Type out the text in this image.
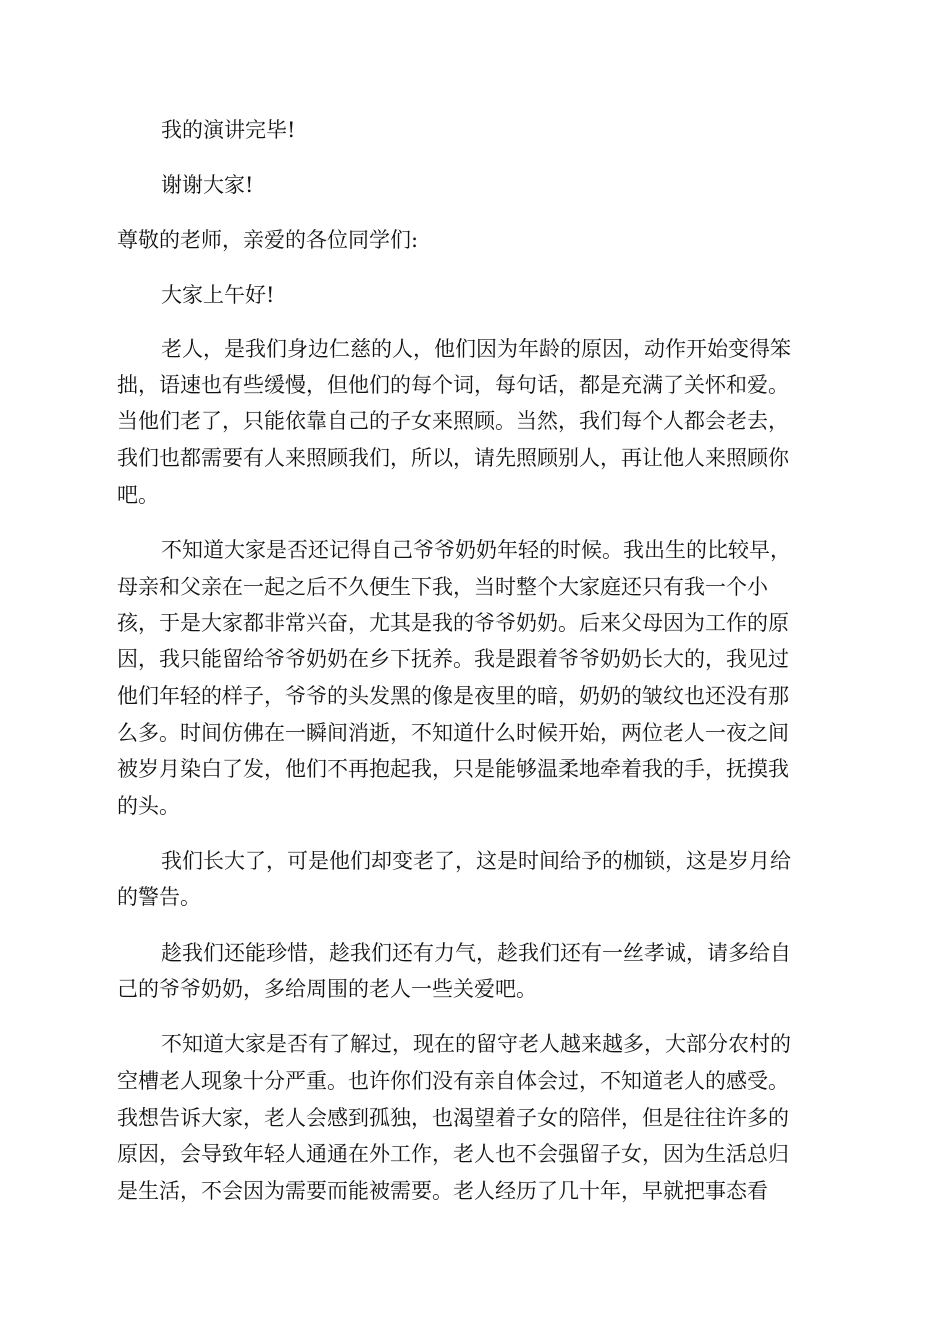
我的演讲完毕!
谢谢大家!
尊敬的老师，亲爱的各位同学们:
大家上午好!
老人，是我们身边仁慈的人，他们因为年龄的原因，动作开始变得笨
拙，语速也有些缓慢，但他们的每个词，每句话，都是充满了关怀和爱。
当他们老了，只能依靠自己的子女来照顾。当然，我们每个人都会老去，
我们也都需要有人来照顾我们，所以，请先照顾别人，再让他人来照顾你
吧。
不知道大家是否还记得自己爷爷奶奶年轻的时候。我出生的比较早，
母亲和父亲在一起之后不久便生下我，当时整个大家庭还只有我一个小
孩，于是大家都非常兴奋，尤其是我的爷爷奶奶。后来父母因为工作的原
因，我只能留给爷爷奶奶在乡下抚养。我是跟着爷爷奶奶长大的，我见过
他们年轻的样子，爷爷的头发黑的像是夜里的暗，奶奶的皱纹也还没有那
么多。时间仿佛在一瞬间消逝，不知道什么时候开始，两位老人一夜之间
被岁月染白了发，他们不再抱起我，只是能够温柔地牵着我的手，抚摸我
的头。
我们长大了，可是他们却变老了，这是时间给予的枷锁，这是岁月给
的警告。
趁我们还能珍惜，趁我们还有力气，趁我们还有一丝孝诚，请多给自
己的爷爷奶奶，多给周围的老人一些关爱吧。
不知道大家是否有了解过，现在的留守老人越来越多，大部分农村的
空槽老人现象十分严重。也许你们没有亲自体会过，不知道老人的感受。
我想告诉大家，老人会感到孤独，也渴望着子女的陪伴，但是往往许多的
原因，会导致年轻人通通在外工作，老人也不会强留子女，因为生活总归
是生活，不会因为需要而能被需要。老人经历了几十年，早就把事态看
